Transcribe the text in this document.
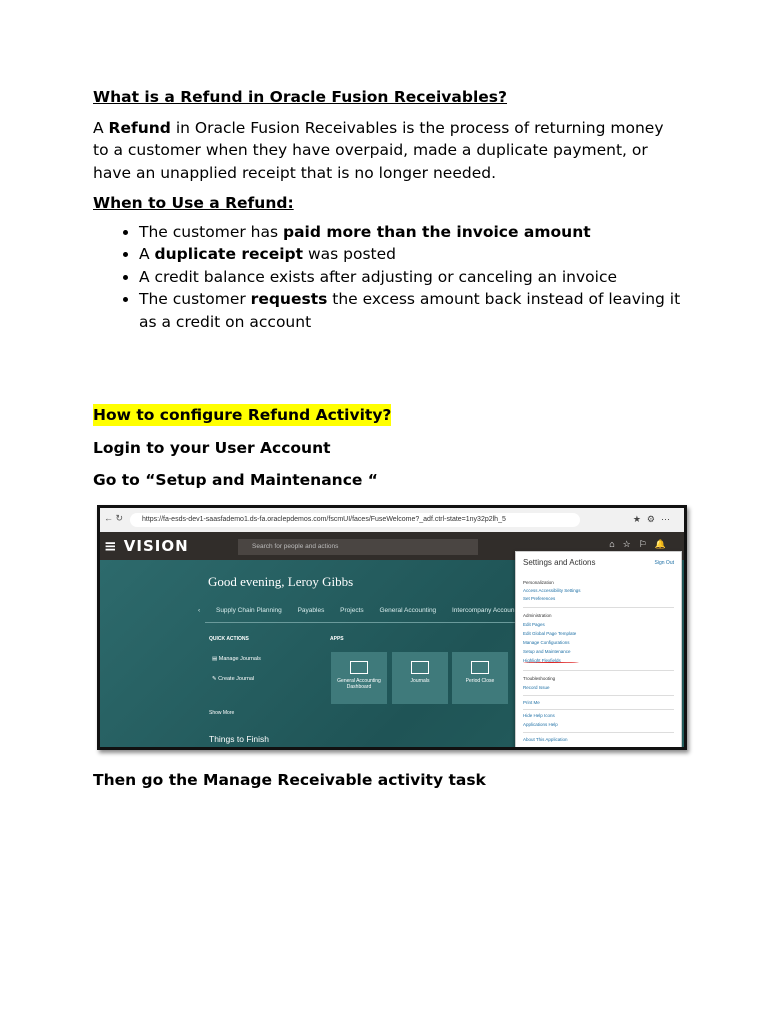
What is a Refund in Oracle Fusion Receivables?

A Refund in Oracle Fusion Receivables is the process of returning money to a customer when they have overpaid, made a duplicate payment, or have an unapplied receipt that is no longer needed.

When to Use a Refund:

• The customer has paid more than the invoice amount
• A duplicate receipt was posted
• A credit balance exists after adjusting or canceling an invoice
• The customer requests the excess amount back instead of leaving it as a credit on account
How to configure Refund Activity?
Login to your User Account
Go to “Setup and Maintenance “
← ↻	https://fa-esds-dev1-saasfademo1.ds-fa.oraclepdemos.com/fscmUI/faces/FuseWelcome?_adf.ctrl-state=1ny32p2lh_5	★⚙⋯
≡ VISION	Search for people and actions	⌂☆⚐🔔
Good evening, Leroy Gibbs
‹ Supply Chain Planning Payables Projects General Accounting Intercompany Accoun
QUICK ACTIONS	APPS
▤ Manage Journals
✎ Create Journal	General Accounting Dashboard
Journals	Period Close
Show More
Things to Finish
Settings and Actions	Sign Out
Personalization
Access Accessibility Settings
Set Preferences
Administration
Edit Pages
Edit Global Page Template
Manage Configurations
Setup and Maintenance
Highlight Flexfields
Troubleshooting
Record Issue
Print Me
Hide Help Icons
Applications Help
About This Application
Then go the Manage Receivable activity task
